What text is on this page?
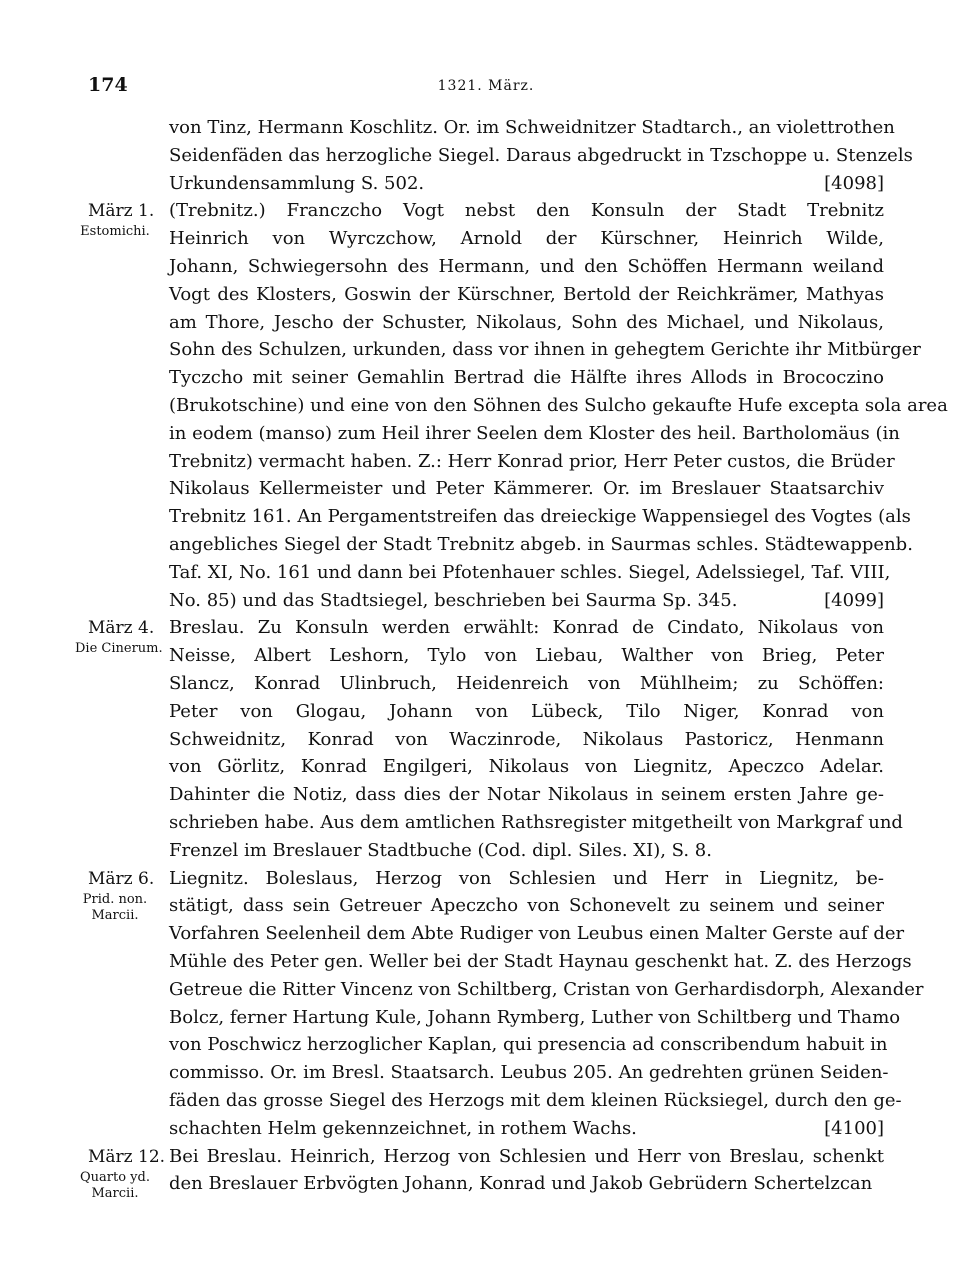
174	1321. März.
von Tinz, Hermann Koschlitz. Or. im Schweidnitzer Stadtarch., an violettrothen
Seidenfäden das herzogliche Siegel. Daraus abgedruckt in Tzschoppe u. Stenzels
Urkundensammlung S. 502.	[4098]
März 1.
Estomichi.
(Trebnitz.) Franczcho Vogt nebst den Konsuln der Stadt Trebnitz
Heinrich von Wyrczchow, Arnold der Kürschner, Heinrich Wilde,
Johann, Schwiegersohn des Hermann, und den Schöffen Hermann weiland
Vogt des Klosters, Goswin der Kürschner, Bertold der Reichkrämer, Mathyas
am Thore, Jescho der Schuster, Nikolaus, Sohn des Michael, und Nikolaus,
Sohn des Schulzen, urkunden, dass vor ihnen in gehegtem Gerichte ihr Mitbürger
Tyczcho mit seiner Gemahlin Bertrad die Hälfte ihres Allods in Brococzino
(Brukotschine) und eine von den Söhnen des Sulcho gekaufte Hufe excepta sola area
in eodem (manso) zum Heil ihrer Seelen dem Kloster des heil. Bartholomäus (in
Trebnitz) vermacht haben. Z.: Herr Konrad prior, Herr Peter custos, die Brüder
Nikolaus Kellermeister und Peter Kämmerer. Or. im Breslauer Staatsarchiv
Trebnitz 161. An Pergamentstreifen das dreieckige Wappensiegel des Vogtes (als
angebliches Siegel der Stadt Trebnitz abgeb. in Saurmas schles. Städtewappenb.
Taf. XI, No. 161 und dann bei Pfotenhauer schles. Siegel, Adelssiegel, Taf. VIII,
No. 85) und das Stadtsiegel, beschrieben bei Saurma Sp. 345.	[4099]
März 4.
Die Cinerum.
Breslau. Zu Konsuln werden erwählt: Konrad de Cindato, Nikolaus von
Neisse, Albert Leshorn, Tylo von Liebau, Walther von Brieg, Peter
Slancz, Konrad Ulinbruch, Heidenreich von Mühlheim; zu Schöffen:
Peter von Glogau, Johann von Lübeck, Tilo Niger, Konrad von
Schweidnitz, Konrad von Waczinrode, Nikolaus Pastoricz, Henmann
von Görlitz, Konrad Engilgeri, Nikolaus von Liegnitz, Apeczco Adelar.
Dahinter die Notiz, dass dies der Notar Nikolaus in seinem ersten Jahre ge-
schrieben habe. Aus dem amtlichen Rathsregister mitgetheilt von Markgraf und
Frenzel im Breslauer Stadtbuche (Cod. dipl. Siles. XI), S. 8.
März 6.
Prid. non.
Marcii.
Liegnitz. Boleslaus, Herzog von Schlesien und Herr in Liegnitz, be-
stätigt, dass sein Getreuer Apeczcho von Schonevelt zu seinem und seiner
Vorfahren Seelenheil dem Abte Rudiger von Leubus einen Malter Gerste auf der
Mühle des Peter gen. Weller bei der Stadt Haynau geschenkt hat. Z. des Herzogs
Getreue die Ritter Vincenz von Schiltberg, Cristan von Gerhardisdorph, Alexander
Bolcz, ferner Hartung Kule, Johann Rymberg, Luther von Schiltberg und Thamo
von Poschwicz herzoglicher Kaplan, qui presencia ad conscribendum habuit in
commisso. Or. im Bresl. Staatsarch. Leubus 205. An gedrehten grünen Seiden-
fäden das grosse Siegel des Herzogs mit dem kleinen Rücksiegel, durch den ge-
schachten Helm gekennzeichnet, in rothem Wachs.	[4100]
März 12.
Quarto yd.
Marcii.
Bei Breslau. Heinrich, Herzog von Schlesien und Herr von Breslau, schenkt
den Breslauer Erbvögten Johann, Konrad und Jakob Gebrüdern Schertelzcan
